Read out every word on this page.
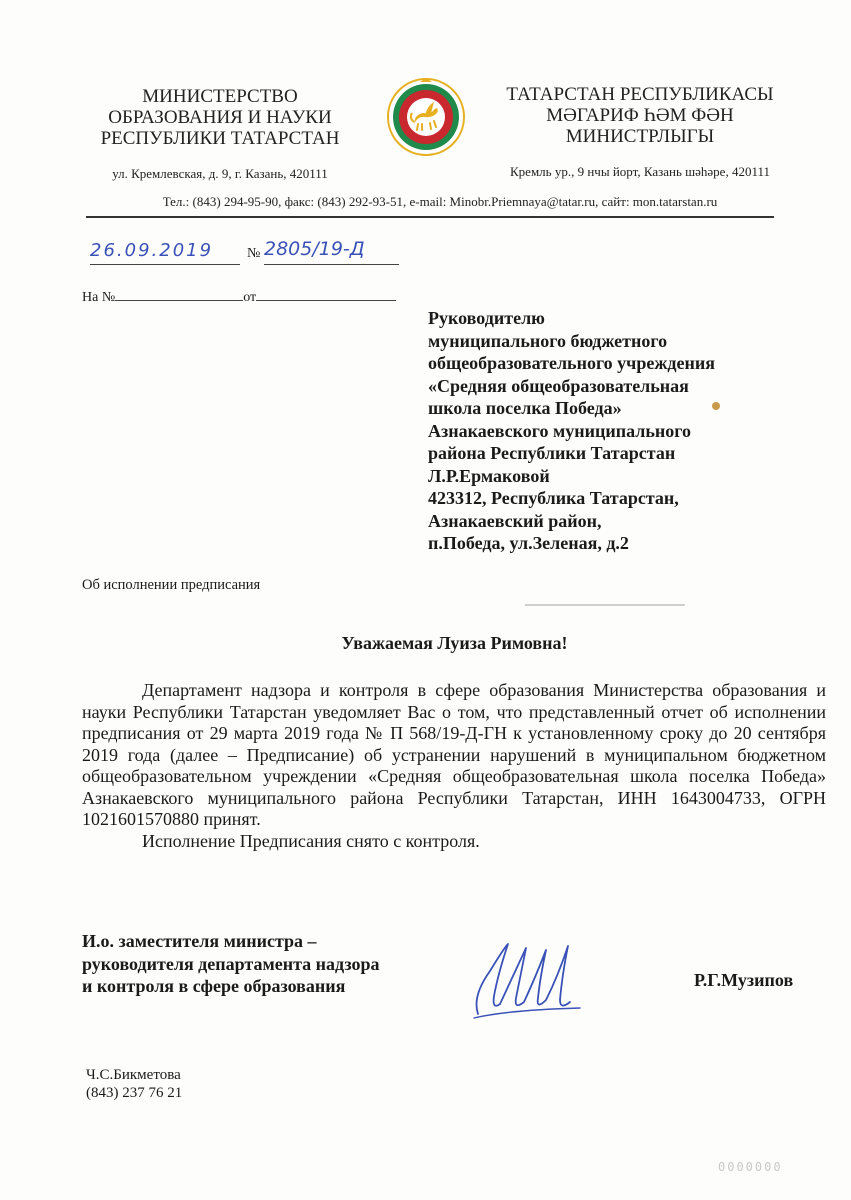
МИНИСТЕРСТВО
ОБРАЗОВАНИЯ И НАУКИ
РЕСПУБЛИКИ ТАТАРСТАН
ул. Кремлевская, д. 9, г. Казань, 420111
ТАТАРСТАН РЕСПУБЛИКАСЫ
МӘГАРИФ ҺӘМ ФӘН
МИНИСТРЛЫГЫ
Кремль ур., 9 нчы йорт, Казань шәһәре, 420111
Тел.: (843) 294-95-90, факс: (843) 292-93-51, e-mail: Minobr.Priemnaya@tatar.ru, сайт: mon.tatarstan.ru
26.09.2019	№ 2805/19-Д
На №	от
Руководителю
муниципального бюджетного
общеобразовательного учреждения
«Средняя общеобразовательная
школа поселка Победа»
Азнакаевского муниципального
района Республики Татарстан
Л.Р.Ермаковой
423312, Республика Татарстан,
Азнакаевский район,
п.Победа, ул.Зеленая, д.2
Об исполнении предписания
Уважаемая Луиза Римовна!

Департамент надзора и контроля в сфере образования Министерства образования и науки Республики Татарстан уведомляет Вас о том, что представленный отчет об исполнении предписания от 29 марта 2019 года № П 568/19-Д-ГН к установленному сроку до 20 сентября 2019 года (далее – Предписание) об устранении нарушений в муниципальном бюджетном общеобразовательном учреждении «Средняя общеобразовательная школа поселка Победа» Азнакаевского муниципального района Республики Татарстан, ИНН 1643004733, ОГРН 1021601570880 принят.

Исполнение Предписания снято с контроля.

И.о. заместителя министра –
руководителя департамента надзора
и контроля в сфере образования	Р.Г.Музипов
Ч.С.Бикметова
(843) 237 76 21
0000000
